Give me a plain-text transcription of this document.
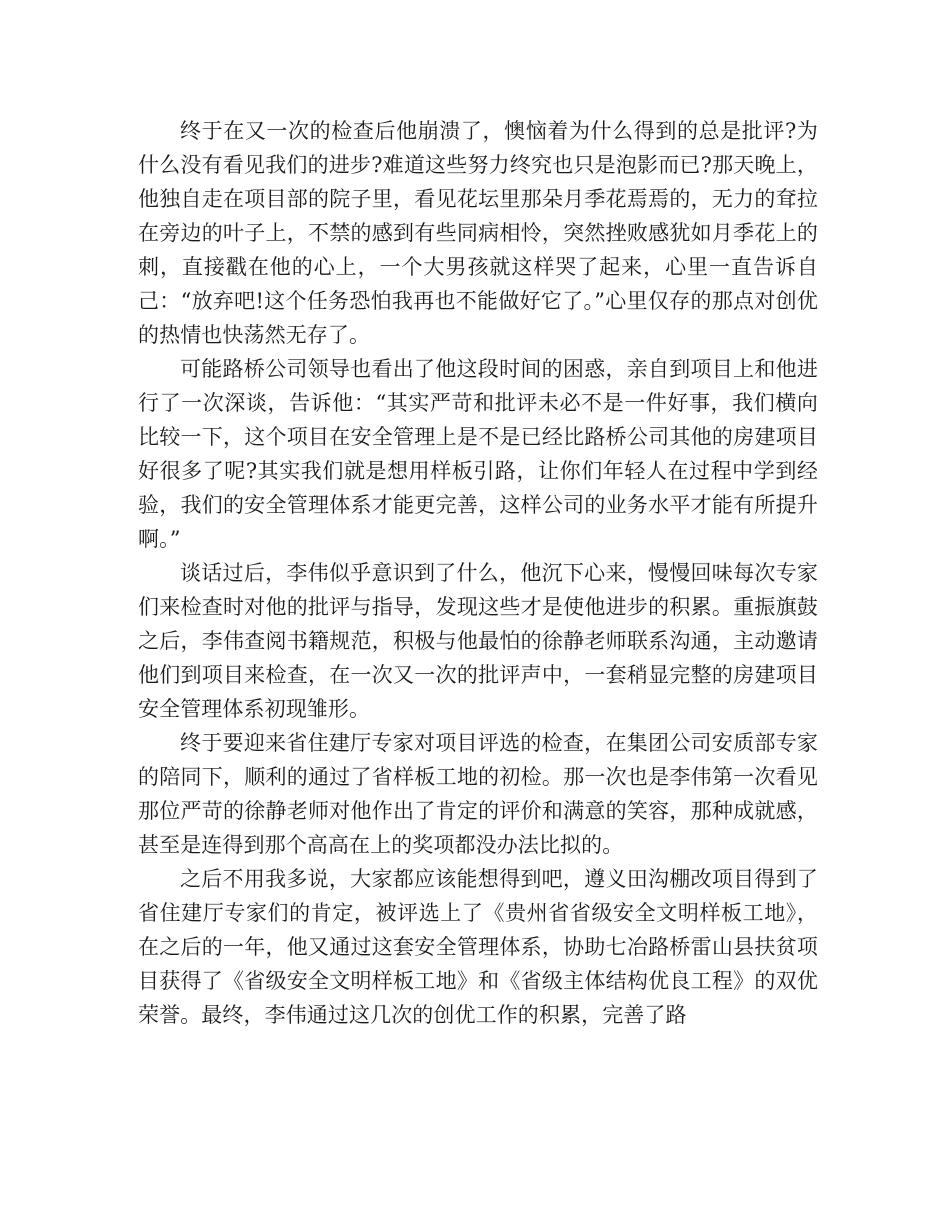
终于在又一次的检查后他崩溃了，懊恼着为什么得到的总是批评?为什么没有看见我们的进步?难道这些努力终究也只是泡影而已?那天晚上，他独自走在项目部的院子里，看见花坛里那朵月季花焉焉的，无力的耷拉在旁边的叶子上，不禁的感到有些同病相怜，突然挫败感犹如月季花上的刺，直接戳在他的心上，一个大男孩就这样哭了起来，心里一直告诉自己：“放弃吧!这个任务恐怕我再也不能做好它了。”心里仅存的那点对创优的热情也快荡然无存了。

可能路桥公司领导也看出了他这段时间的困惑，亲自到项目上和他进行了一次深谈，告诉他：“其实严苛和批评未必不是一件好事，我们横向比较一下，这个项目在安全管理上是不是已经比路桥公司其他的房建项目好很多了呢?其实我们就是想用样板引路，让你们年轻人在过程中学到经验，我们的安全管理体系才能更完善，这样公司的业务水平才能有所提升啊。”

谈话过后，李伟似乎意识到了什么，他沉下心来，慢慢回味每次专家们来检查时对他的批评与指导，发现这些才是使他进步的积累。重振旗鼓之后，李伟查阅书籍规范，积极与他最怕的徐静老师联系沟通，主动邀请他们到项目来检查，在一次又一次的批评声中，一套稍显完整的房建项目安全管理体系初现雏形。

终于要迎来省住建厅专家对项目评选的检查，在集团公司安质部专家的陪同下，顺利的通过了省样板工地的初检。那一次也是李伟第一次看见那位严苛的徐静老师对他作出了肯定的评价和满意的笑容，那种成就感，甚至是连得到那个高高在上的奖项都没办法比拟的。

之后不用我多说，大家都应该能想得到吧，遵义田沟棚改项目得到了省住建厅专家们的肯定，被评选上了《贵州省省级安全文明样板工地》，在之后的一年，他又通过这套安全管理体系，协助七冶路桥雷山县扶贫项目获得了《省级安全文明样板工地》和《省级主体结构优良工程》的双优荣誉。最终，李伟通过这几次的创优工作的积累，完善了路
